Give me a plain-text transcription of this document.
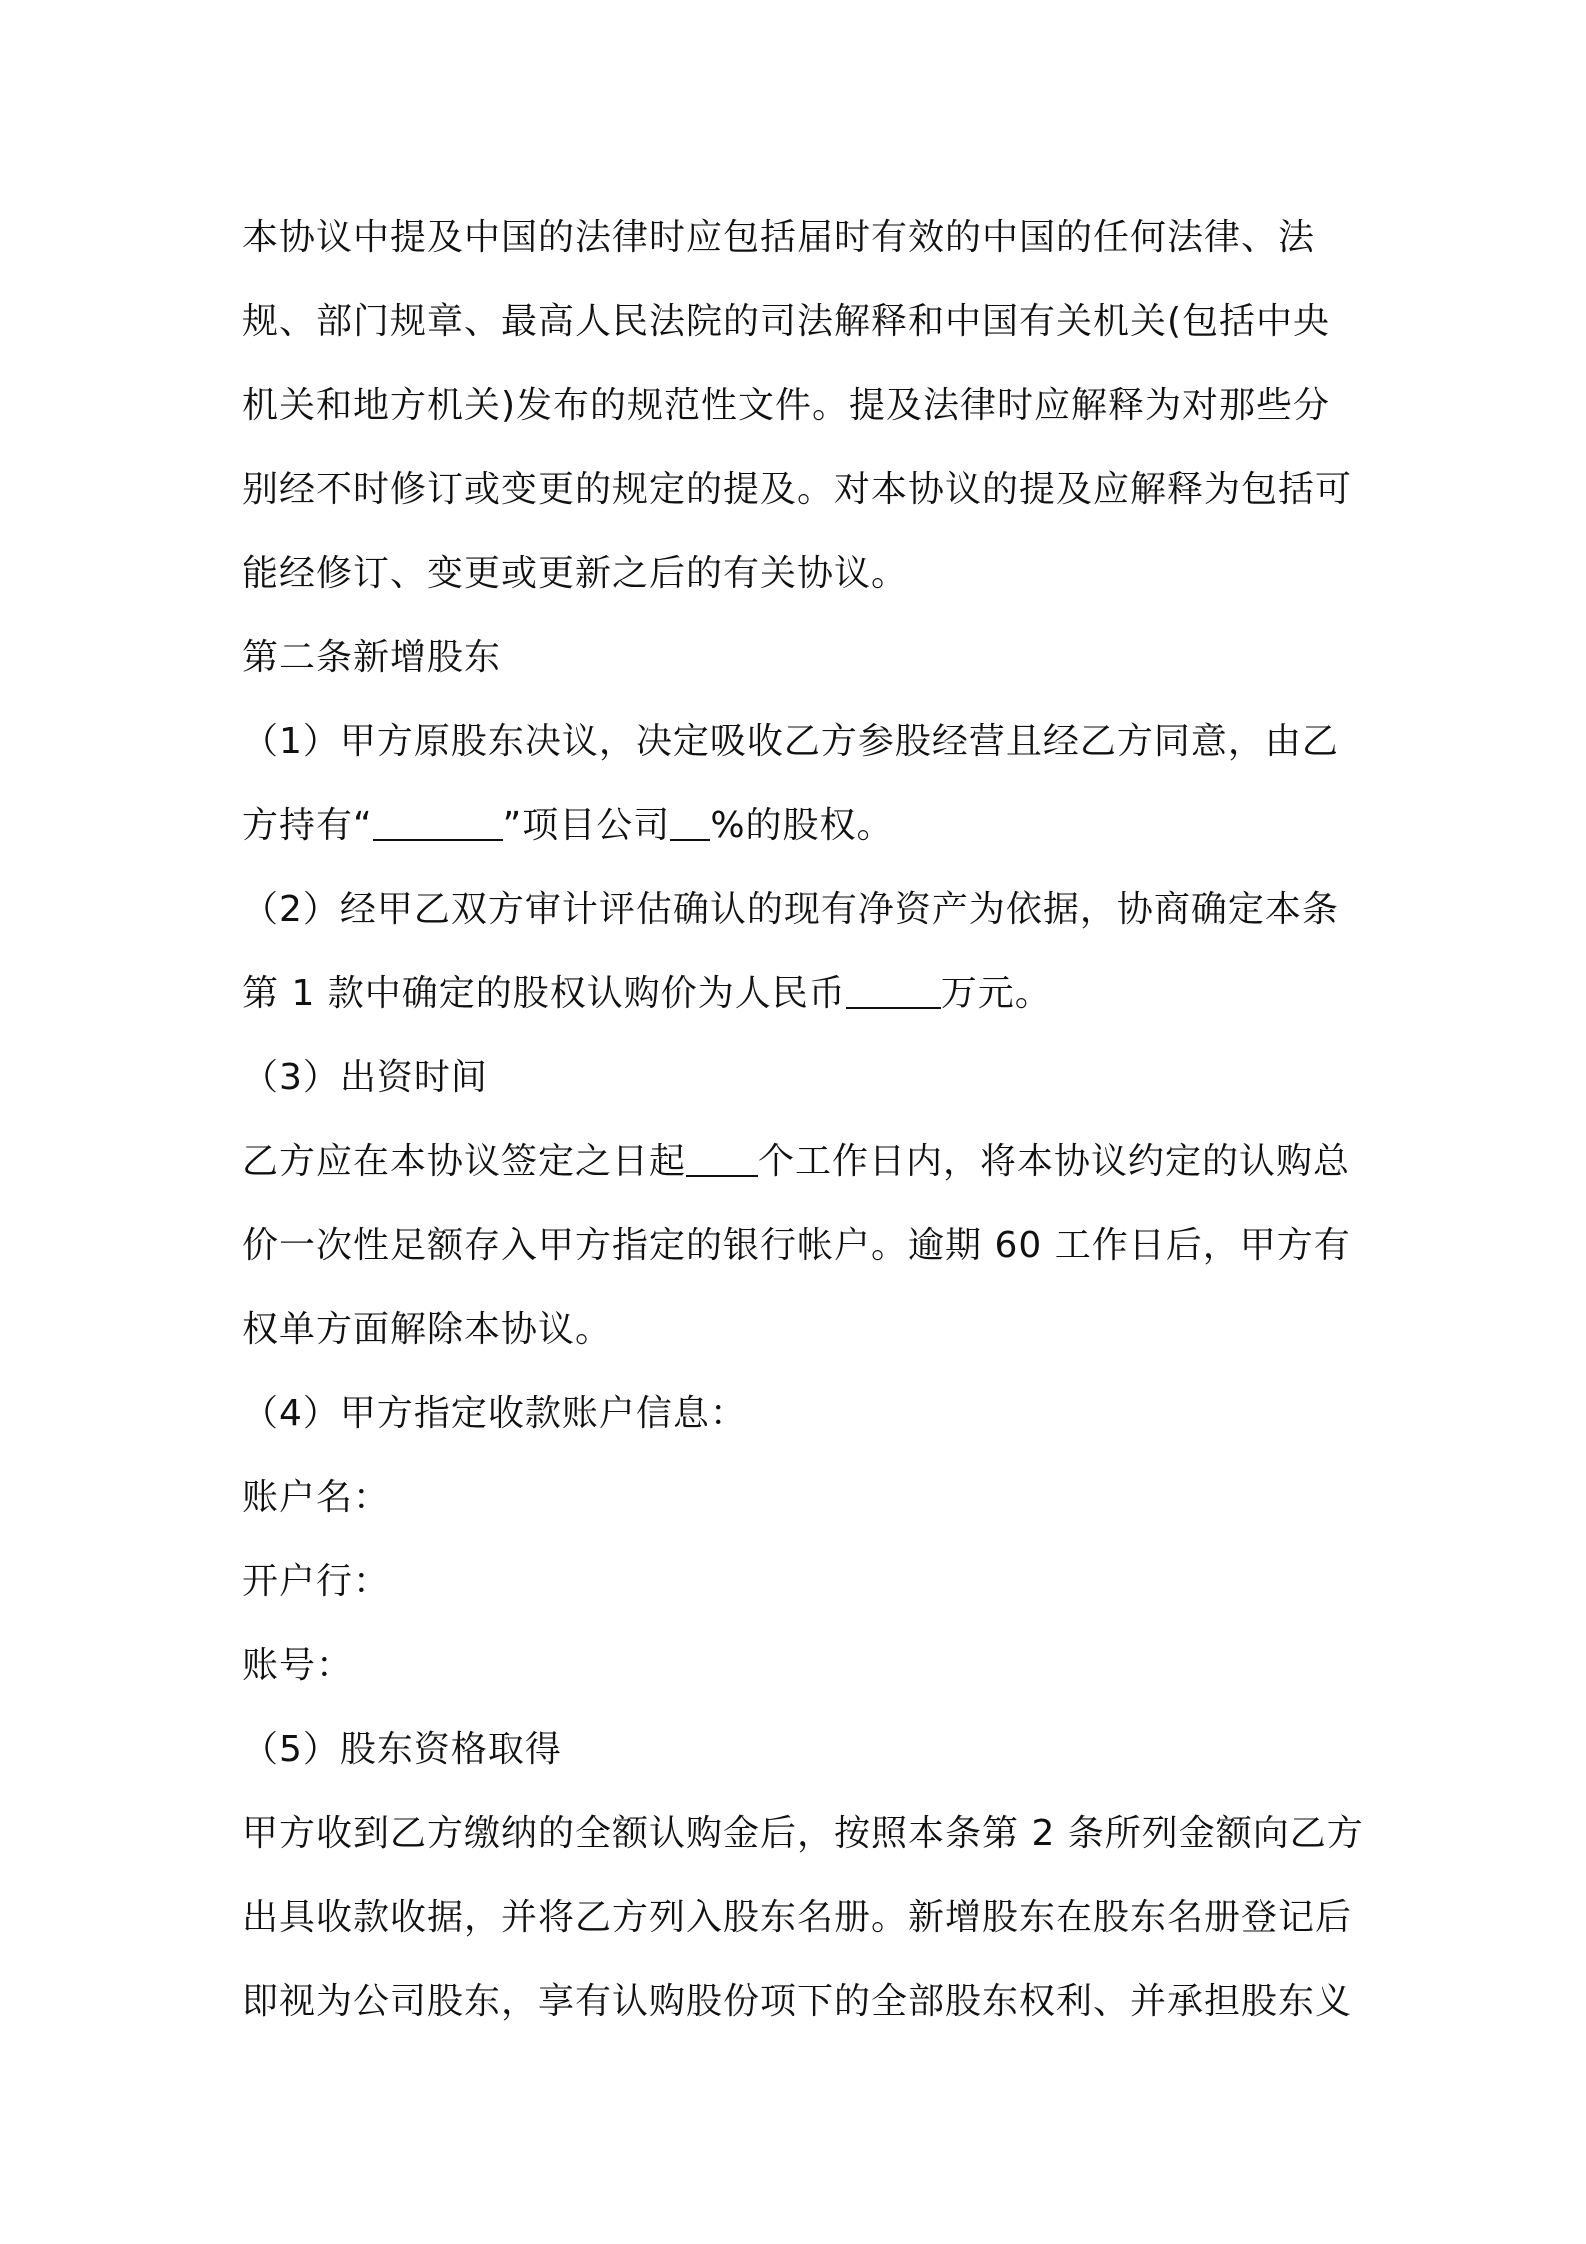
本协议中提及中国的法律时应包括届时有效的中国的任何法律、法
规、部门规章、最高人民法院的司法解释和中国有关机关(包括中央
机关和地方机关)发布的规范性文件。提及法律时应解释为对那些分
别经不时修订或变更的规定的提及。对本协议的提及应解释为包括可
能经修订、变更或更新之后的有关协议。
第二条新增股东
（1）甲方原股东决议，决定吸收乙方参股经营且经乙方同意，由乙
方持有“	”项目公司 %的股权。
（2）经甲乙双方审计评估确认的现有净资产为依据，协商确定本条
第 1 款中确定的股权认购价为人民币	万元。
（3）出资时间
乙方应在本协议签定之日起 个工作日内，将本协议约定的认购总
价一次性足额存入甲方指定的银行帐户。逾期 60 工作日后，甲方有
权单方面解除本协议。
（4）甲方指定收款账户信息：
账户名：
开户行：
账号：
（5）股东资格取得
甲方收到乙方缴纳的全额认购金后，按照本条第 2 条所列金额向乙方
出具收款收据，并将乙方列入股东名册。新增股东在股东名册登记后
即视为公司股东，享有认购股份项下的全部股东权利、并承担股东义
